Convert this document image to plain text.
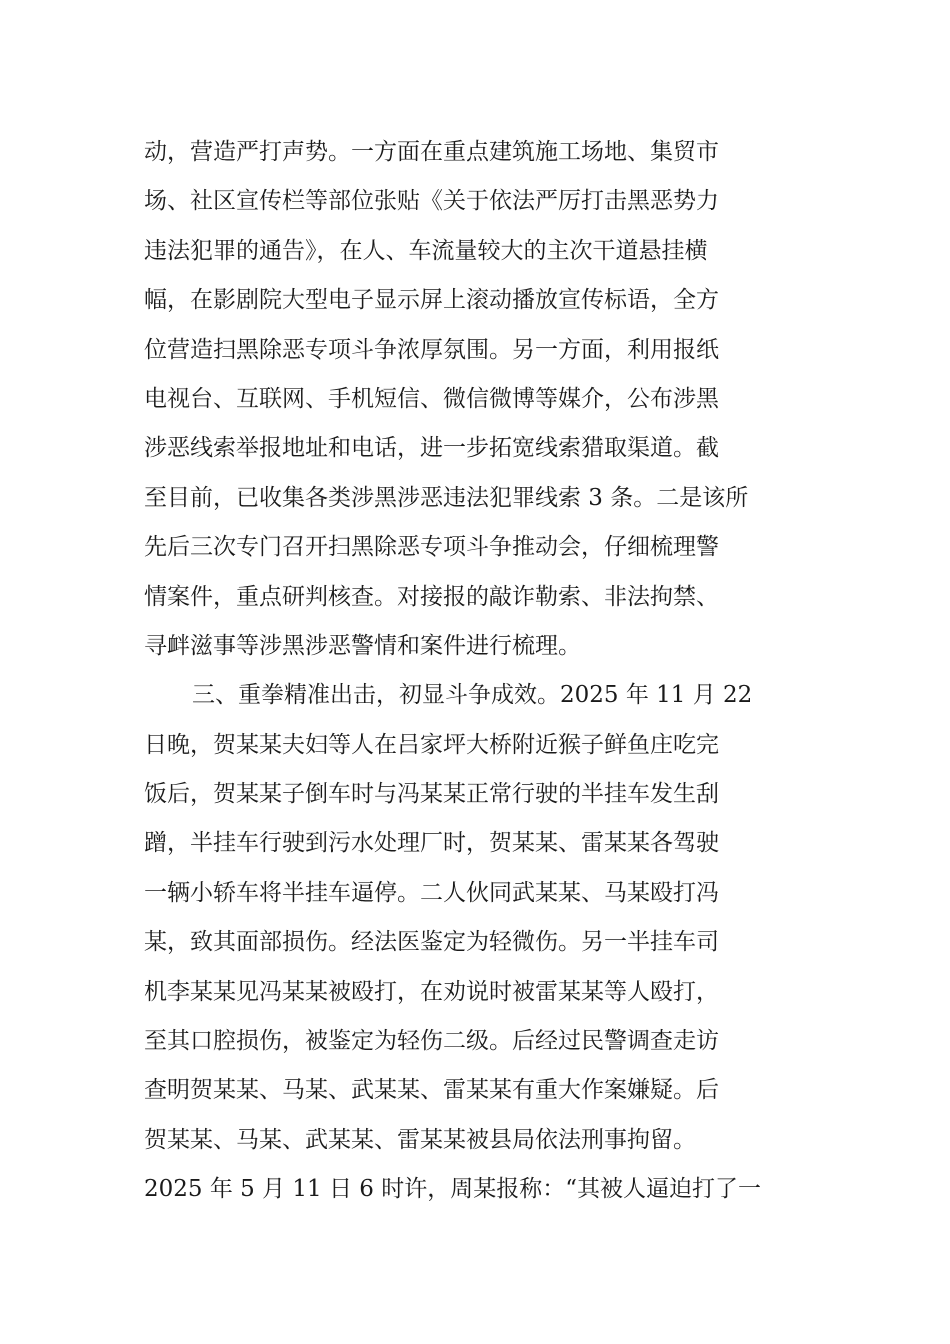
动，营造严打声势。一方面在重点建筑施工场地、集贸市
场、社区宣传栏等部位张贴《关于依法严厉打击黑恶势力
违法犯罪的通告》，在人、车流量较大的主次干道悬挂横
幅，在影剧院大型电子显示屏上滚动播放宣传标语，全方
位营造扫黑除恶专项斗争浓厚氛围。另一方面，利用报纸
电视台、互联网、手机短信、微信微博等媒介，公布涉黑
涉恶线索举报地址和电话，进一步拓宽线索猎取渠道。截
至目前，已收集各类涉黑涉恶违法犯罪线索 3 条。二是该所
先后三次专门召开扫黑除恶专项斗争推动会，仔细梳理警
情案件，重点研判核查。对接报的敲诈勒索、非法拘禁、
寻衅滋事等涉黑涉恶警情和案件进行梳理。
三、重拳精准出击，初显斗争成效。2025 年 11 月 22
日晚，贺某某夫妇等人在吕家坪大桥附近猴子鲜鱼庄吃完
饭后，贺某某子倒车时与冯某某正常行驶的半挂车发生刮
蹭，半挂车行驶到污水处理厂时，贺某某、雷某某各驾驶
一辆小轿车将半挂车逼停。二人伙同武某某、马某殴打冯
某，致其面部损伤。经法医鉴定为轻微伤。另一半挂车司
机李某某见冯某某被殴打，在劝说时被雷某某等人殴打，
至其口腔损伤，被鉴定为轻伤二级。后经过民警调查走访
查明贺某某、马某、武某某、雷某某有重大作案嫌疑。后
贺某某、马某、武某某、雷某某被县局依法刑事拘留。
2025 年 5 月 11 日 6 时许，周某报称：“其被人逼迫打了一
